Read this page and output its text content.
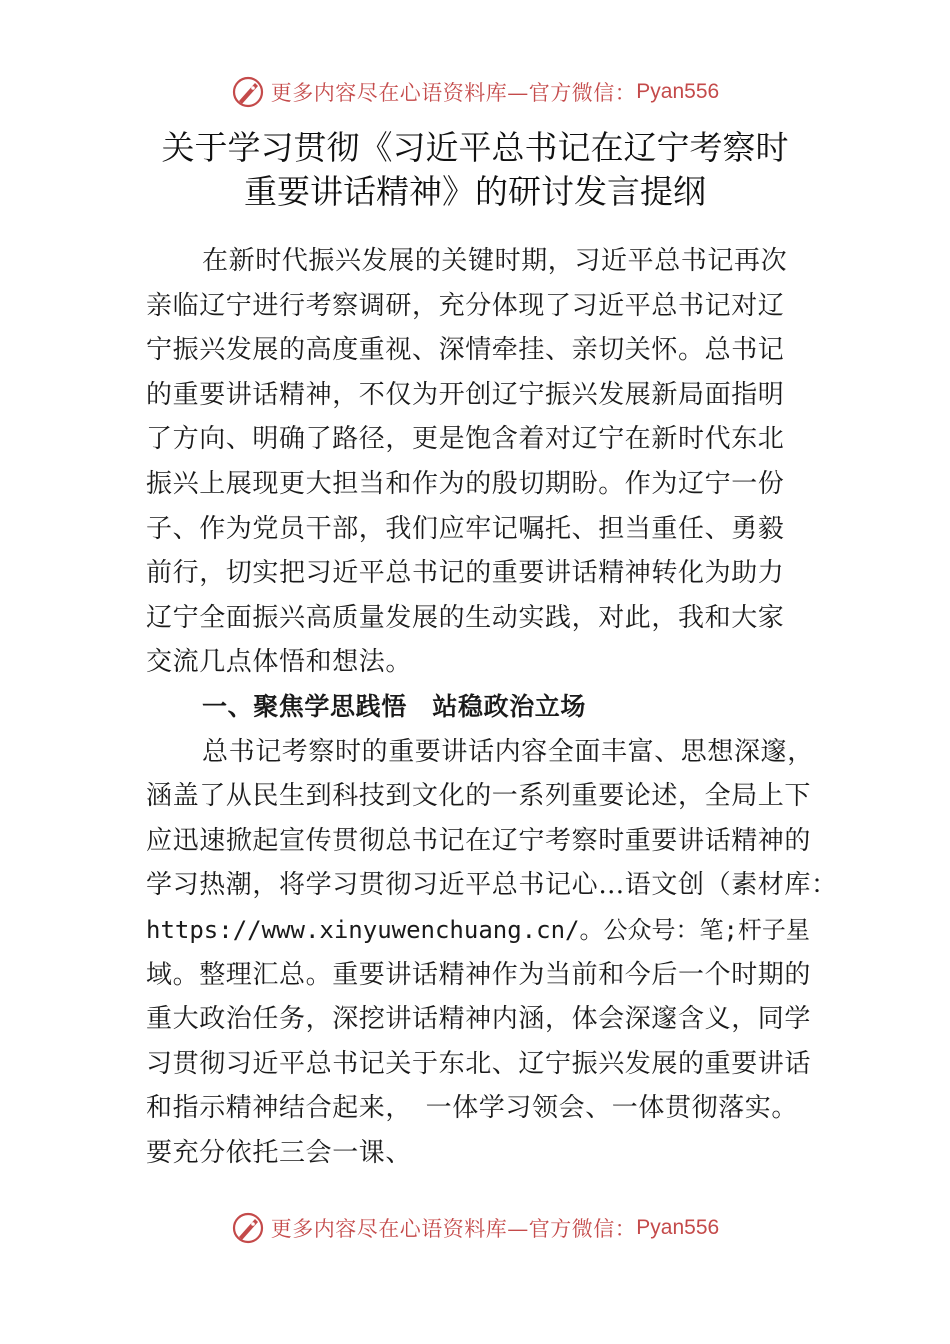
更多内容尽在心语资料库—官方微信： Pyan556
关于学习贯彻《习近平总书记在辽宁考察时
重要讲话精神》的研讨发言提纲
在新时代振兴发展的关键时期，习近平总书记再次
亲临辽宁进行考察调研，充分体现了习近平总书记对辽
宁振兴发展的高度重视、深情牵挂、亲切关怀。总书记
的重要讲话精神，不仅为开创辽宁振兴发展新局面指明
了方向、明确了路径，更是饱含着对辽宁在新时代东北
振兴上展现更大担当和作为的殷切期盼。作为辽宁一份
子、作为党员干部，我们应牢记嘱托、担当重任、勇毅
前行，切实把习近平总书记的重要讲话精神转化为助力
辽宁全面振兴高质量发展的生动实践，对此，我和大家
交流几点体悟和想法。
一、聚焦学思践悟　站稳政治立场
总书记考察时的重要讲话内容全面丰富、思想深邃，
涵盖了从民生到科技到文化的一系列重要论述，全局上下
应迅速掀起宣传贯彻总书记在辽宁考察时重要讲话精神的
学习热潮，将学习贯彻习近平总书记心…语文创（素材库：
https://www.xinyuwenchuang.cn/。公众号：笔;杆子星
域。整理汇总。重要讲话精神作为当前和今后一个时期的
重大政治任务，深挖讲话精神内涵，体会深邃含义，同学
习贯彻习近平总书记关于东北、辽宁振兴发展的重要讲话
和指示精神结合起来，　一体学习领会、一体贯彻落实。
要充分依托三会一课、
更多内容尽在心语资料库—官方微信： Pyan556
